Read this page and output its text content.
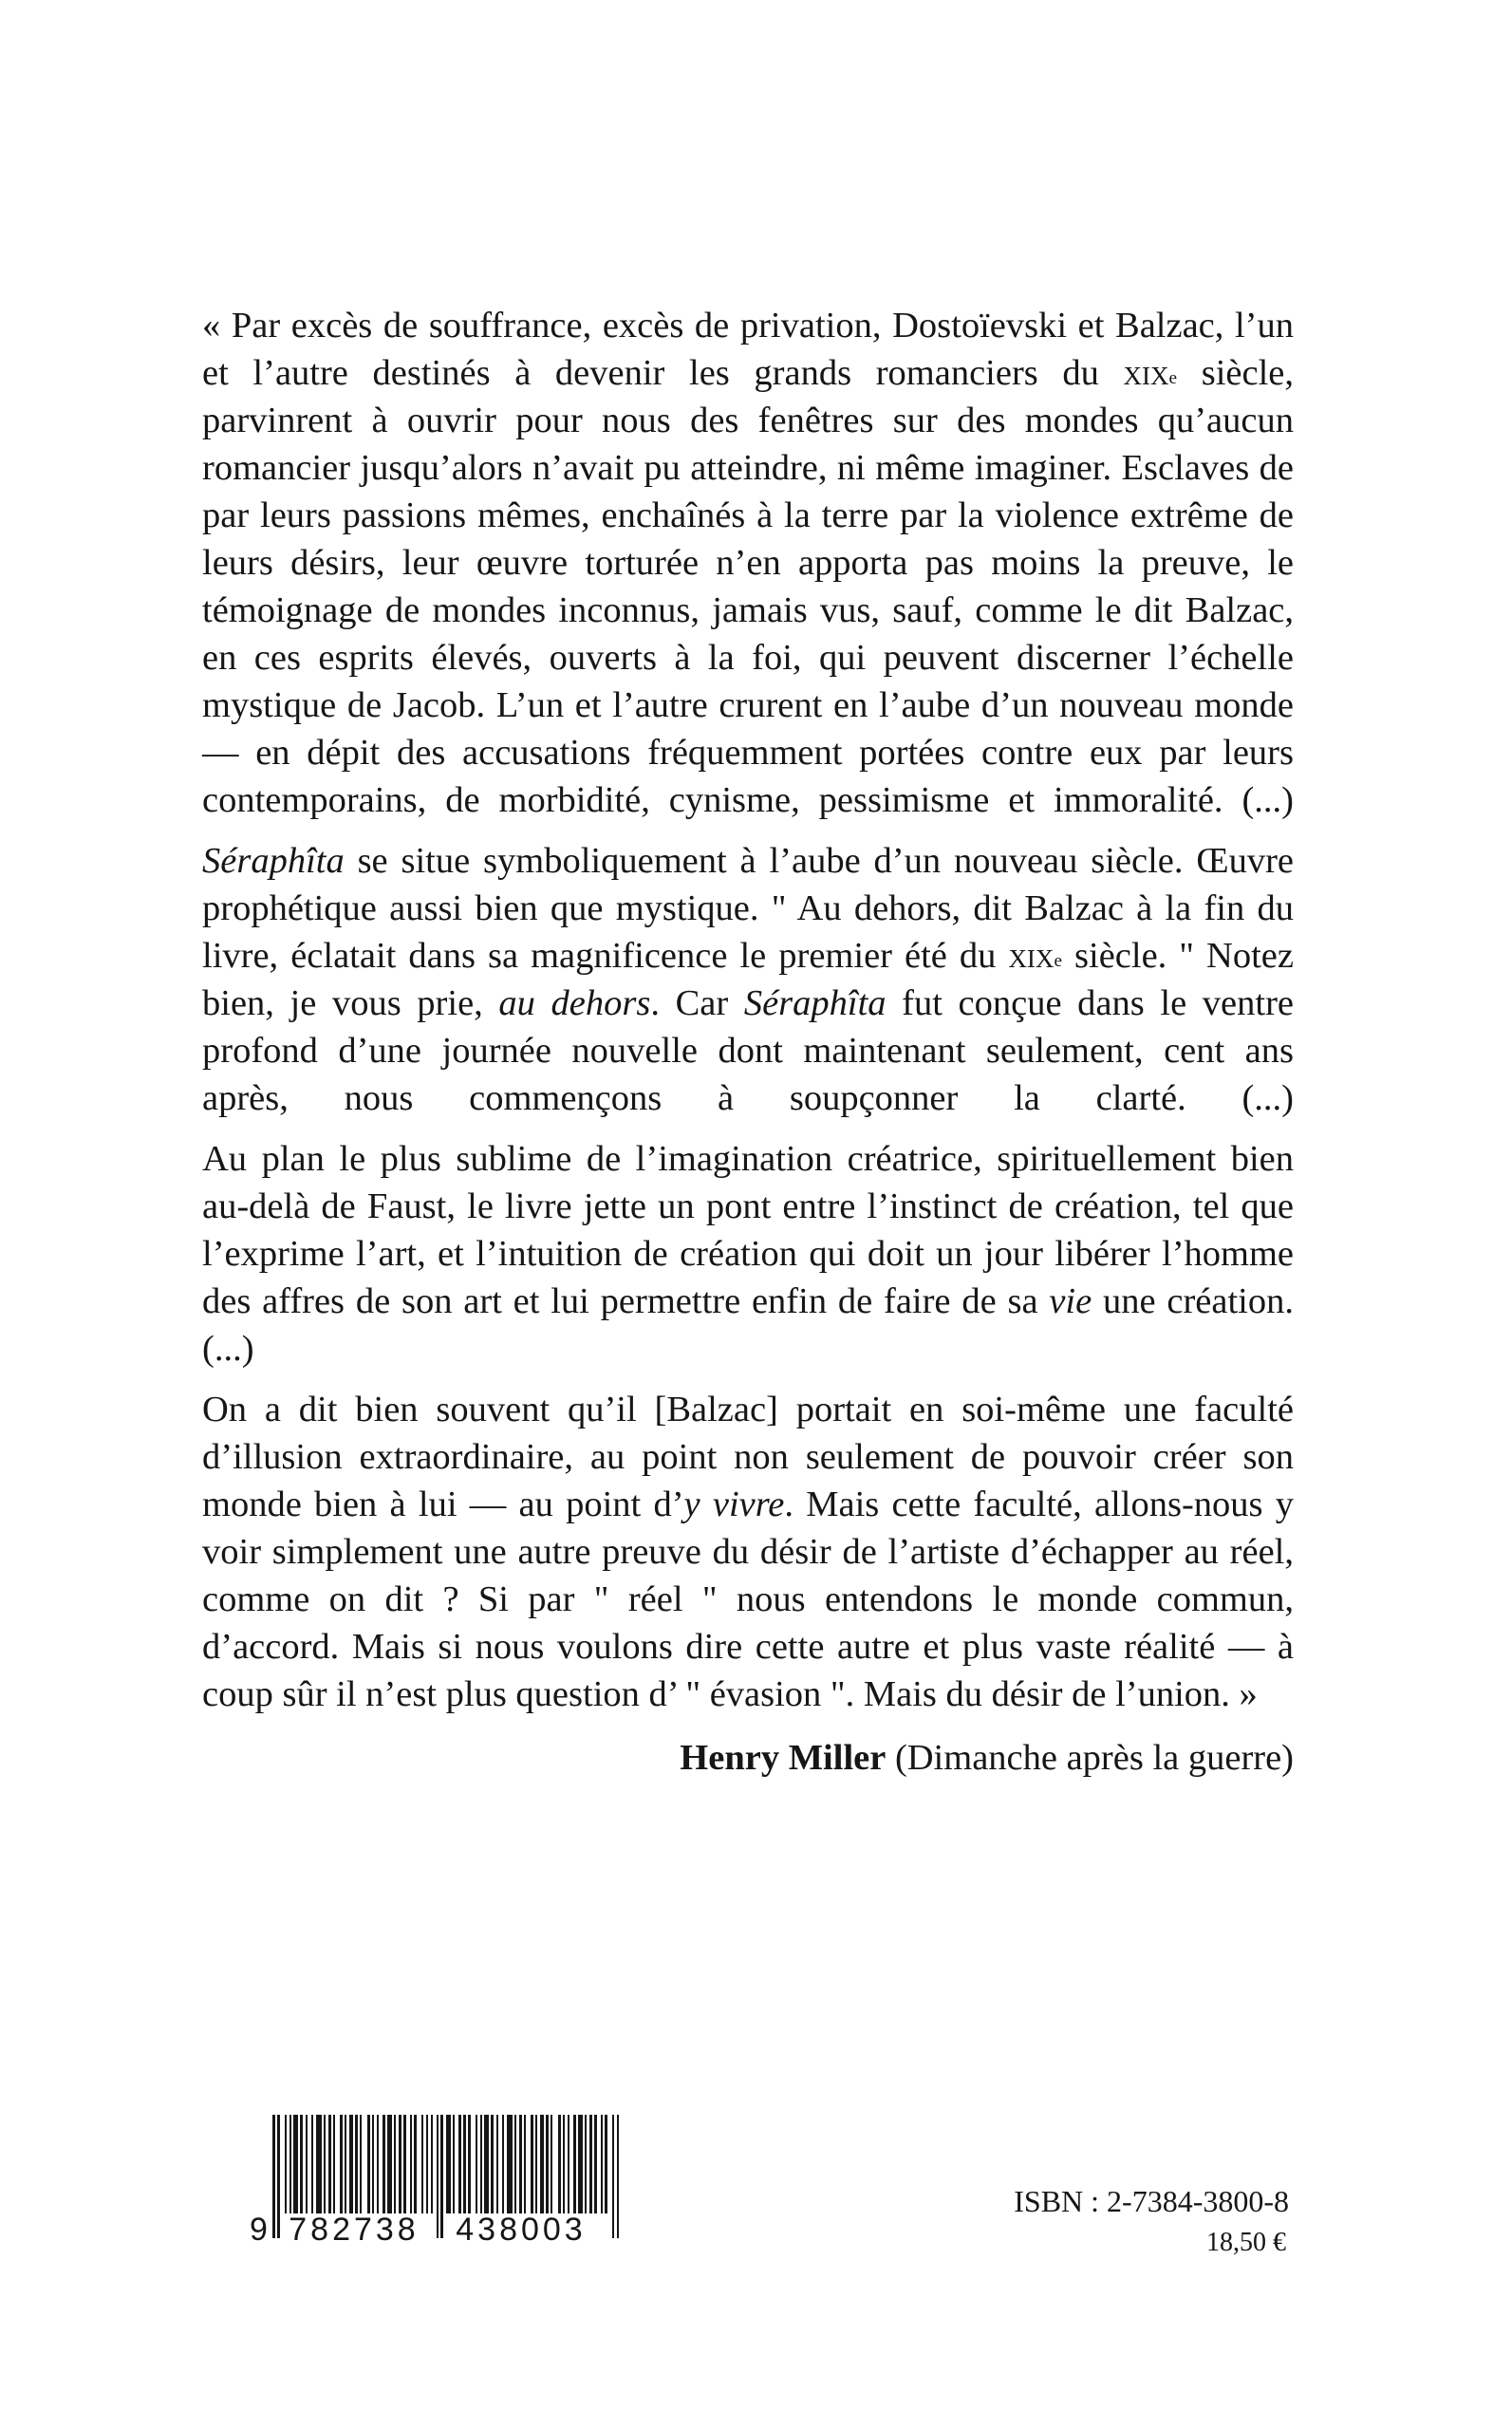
« Par excès de souffrance, excès de privation, Dostoïevski et Balzac, l’un et l’autre destinés à devenir les grands romanciers du xix$^e$ siècle, parvinrent à ouvrir pour nous des fenêtres sur des mondes qu’aucun romancier jusqu’alors n’avait pu atteindre, ni même imaginer. Esclaves de par leurs passions mêmes, enchaînés à la terre par la violence extrême de leurs désirs, leur œuvre torturée n’en apporta pas moins la preuve, le témoignage de mondes inconnus, jamais vus, sauf, comme le dit Balzac, en ces esprits élevés, ouverts à la foi, qui peuvent discerner l’échelle mystique de Jacob. L’un et l’autre crurent en l’aube d’un nouveau monde — en dépit des accusations fréquemment portées contre eux par leurs contemporains, de morbidité, cynisme, pessimisme et immoralité. (...)

Séraphîta se situe symboliquement à l’aube d’un nouveau siècle. Œuvre prophétique aussi bien que mystique. " Au dehors, dit Balzac à la fin du livre, éclatait dans sa magnificence le premier été du xix$^e$ siècle. " Notez bien, je vous prie, au dehors. Car Séraphîta fut conçue dans le ventre profond d’une journée nouvelle dont maintenant seulement, cent ans après, nous commençons à soupçonner la clarté. (...)

Au plan le plus sublime de l’imagination créatrice, spirituellement bien au-delà de Faust, le livre jette un pont entre l’instinct de création, tel que l’exprime l’art, et l’intuition de création qui doit un jour libérer l’homme des affres de son art et lui permettre enfin de faire de sa vie une création. (...)

On a dit bien souvent qu’il [Balzac] portait en soi-même une faculté d’illusion extraordinaire, au point non seulement de pouvoir créer son monde bien à lui — au point d’y vivre. Mais cette faculté, allons-nous y voir simplement une autre preuve du désir de l’artiste d’échapper au réel, comme on dit ? Si par " réel " nous entendons le monde commun, d’accord. Mais si nous voulons dire cette autre et plus vaste réalité — à coup sûr il n’est plus question d’ " évasion ". Mais du désir de l’union. »

Henry Miller (Dimanche après la guerre)
9 782738 438003
ISBN : 2-7384-3800-8
18,50 €
